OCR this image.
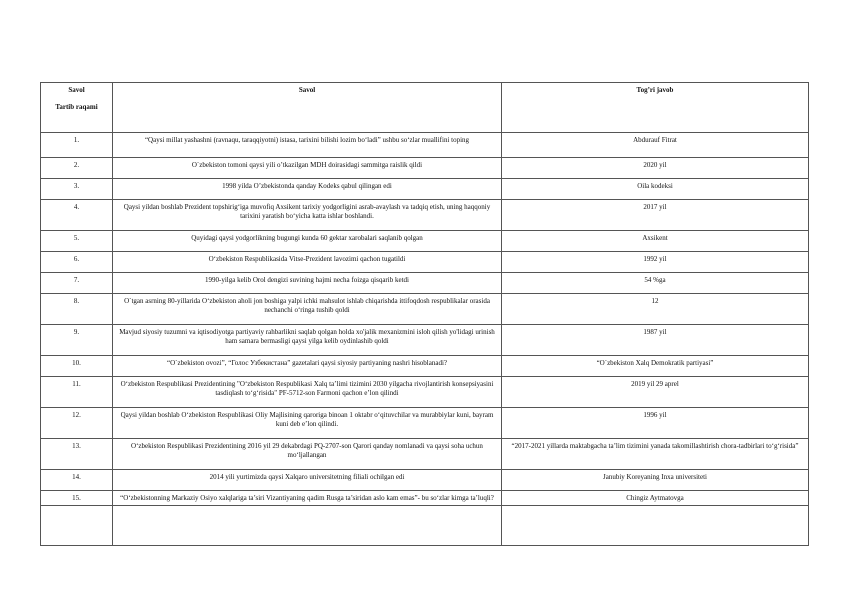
Savol
Tartib raqami	Savol	Tog’ri javob
1.	“Qaysi millat yashashni (ravnaqu, taraqqiyotni) istasa, tarixini bilishi lozim bo‘ladi” ushbu so‘zlar muallifini toping	Abdurauf Fitrat
2.	O`zbekiston tomoni qaysi yili o’tkazilgan MDH doirasidagi sammitga raislik qildi	2020 yil
3.	1998 yilda O’zbekistonda qanday Kodeks qabul qilingan edi	Oila kodeksi
4.	Qaysi yildan boshlab Prezident topshirig‘iga muvofiq Axsikent tarixiy yodgorligini asrab-avaylash va tadqiq etish, uning haqqoniy tarixini yaratish bo‘yicha katta ishlar boshlandi.	2017 yil
5.	Quyidagi qaysi yodgorlikning bugungi kunda 60 gektar xarobalari saqlanib qolgan	Axsikent
6.	O‘zbekiston Respublikasida Vitse-Prezident lavozimi qachon tugatildi	1992 yil
7.	1990-yilga kelib Orol dengizi suvining hajmi necha foizga qisqarib ketdi	54 %ga
8.	O`tgan asrning 80-yillarida O‘zbekiston aholi jon boshiga yalpi ichki mahsulot ishlab chiqarishda ittifoqdosh respublikalar orasida nechanchi o‘ringa tushib qoldi	12
9.	Mavjud siyosiy tuzumni va iqtisodiyotga partiyaviy rahbarlikni saqlab qolgan holda xo'jalik mexanizmini isloh qilish yo'lidagi urinish ham samara bermasligi qaysi yilga kelib oydinlashib qoldi	1987 yil
10.	“O`zbekiston ovozi”, “Голос Узбекистана” gazetalari qaysi siyosiy partiyaning nashri hisoblanadi?	“O`zbekiston Xalq Demokratik partiyasi”
11.	O‘zbekiston Respublikasi Prezidentining "O‘zbekiston Respublikasi Xalq ta’limi tizimini 2030 yilgacha rivojlantirish konsepsiyasini tasdiqlash to‘g‘risida" PF-5712-son Farmoni qachon e’lon qilindi	2019 yil 29 aprel
12.	Qaysi yildan boshlab O‘zbekiston Respublikasi Oliy Majlisining qaroriga binoan 1 oktabr o‘qituvchilar va murabbiylar kuni, bayram kuni deb e’lon qilindi.	1996 yil
13.	O‘zbekiston Respublikasi Prezidentining 2016 yil 29 dekabrdagi PQ-2707-son Qarori qanday nomlanadi va qaysi soha uchun mo‘ljallangan	“2017-2021 yillarda maktabgacha ta’lim tizimini yanada takomillashtirish chora-tadbirlari to‘g‘risida”
14.	2014 yili yurtimizda qaysi Xalqaro universitetning filiali ochilgan edi	Janubiy Koreyaning Inxa universiteti
15.	“O‘zbekistonning Markaziy Osiyo xalqlariga ta’siri Vizantiyaning qadim Rusga ta’siridan aslo kam emas”- bu so‘zlar kimga ta’luqli?	Chingiz Aytmatovga
